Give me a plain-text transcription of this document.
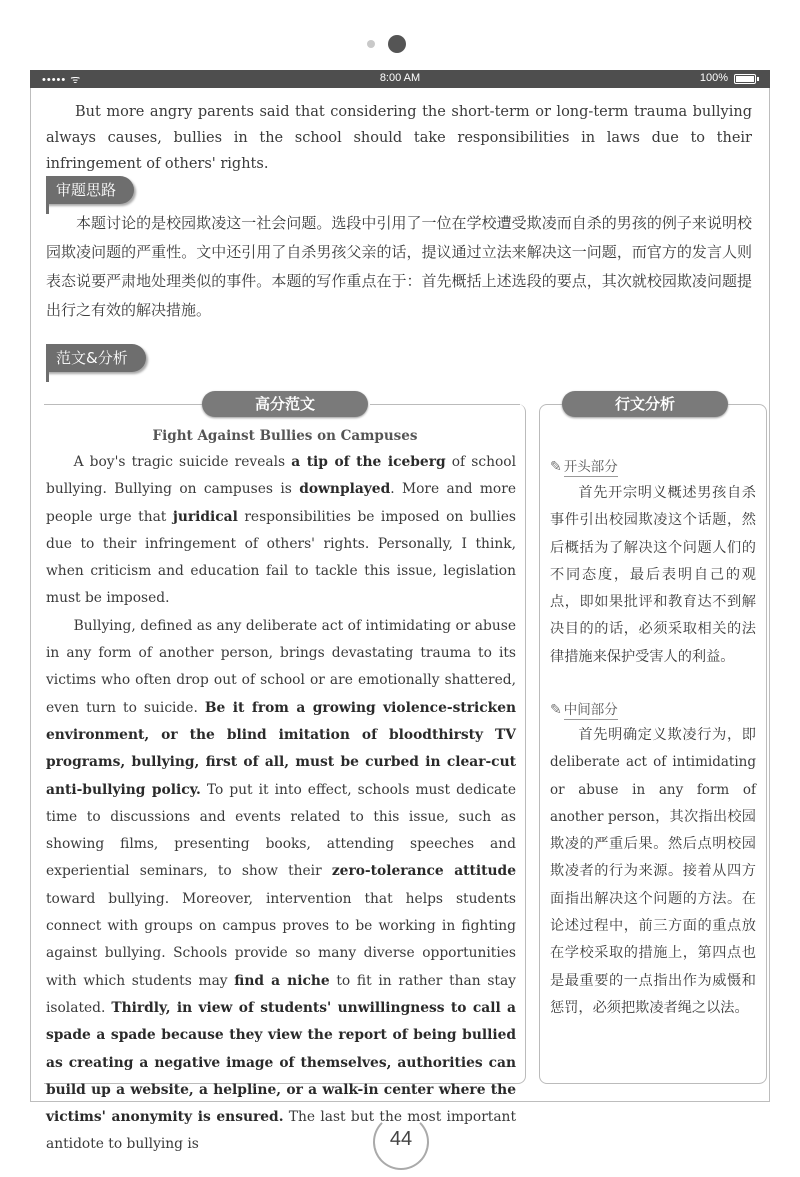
••••• ᯤ	8:00 AM	100%

But more angry parents said that considering the short-term or long-term trauma bullying always causes, bullies in the school should take responsibilities in laws due to their infringement of others' rights.

审题思路

本题讨论的是校园欺凌这一社会问题。选段中引用了一位在学校遭受欺凌而自杀的男孩的例子来说明校园欺凌问题的严重性。文中还引用了自杀男孩父亲的话，提议通过立法来解决这一问题，而官方的发言人则表态说要严肃地处理类似的事件。本题的写作重点在于：首先概括上述选段的要点，其次就校园欺凌问题提出行之有效的解决措施。

范文&分析
高分范文	行文分析
Fight Against Bullies on Campuses

A boy's tragic suicide reveals a tip of the iceberg of school bullying. Bullying on campuses is downplayed. More and more people urge that juridical responsibilities be imposed on bullies due to their infringement of others' rights. Personally, I think, when criticism and education fail to tackle this issue, legislation must be imposed.

Bullying, defined as any deliberate act of intimidating or abuse in any form of another person, brings devastating trauma to its victims who often drop out of school or are emotionally shattered, even turn to suicide. Be it from a growing violence-stricken environment, or the blind imitation of bloodthirsty TV programs, bullying, first of all, must be curbed in clear-cut anti-bullying policy. To put it into effect, schools must dedicate time to discussions and events related to this issue, such as showing films, presenting books, attending speeches and experiential seminars, to show their zero-tolerance attitude toward bullying. Moreover, intervention that helps students connect with groups on campus proves to be working in fighting against bullying. Schools provide so many diverse opportunities with which students may find a niche to fit in rather than stay isolated. Thirdly, in view of students' unwillingness to call a spade a spade because they view the report of being bullied as creating a negative image of themselves, authorities can build up a website, a helpline, or a walk-in center where the victims' anonymity is ensured. The last but the most important antidote to bullying is

✎ 开头部分

首先开宗明义概述男孩自杀事件引出校园欺凌这个话题，然后概括为了解决这个问题人们的不同态度，最后表明自己的观点，即如果批评和教育达不到解决目的的话，必须采取相关的法律措施来保护受害人的利益。

✎ 中间部分

首先明确定义欺凌行为，即 deliberate act of intimidating or abuse in any form of another person，其次指出校园欺凌的严重后果。然后点明校园欺凌者的行为来源。接着从四方面指出解决这个问题的方法。在论述过程中，前三方面的重点放在学校采取的措施上，第四点也是最重要的一点指出作为威慑和惩罚，必须把欺凌者绳之以法。

44
